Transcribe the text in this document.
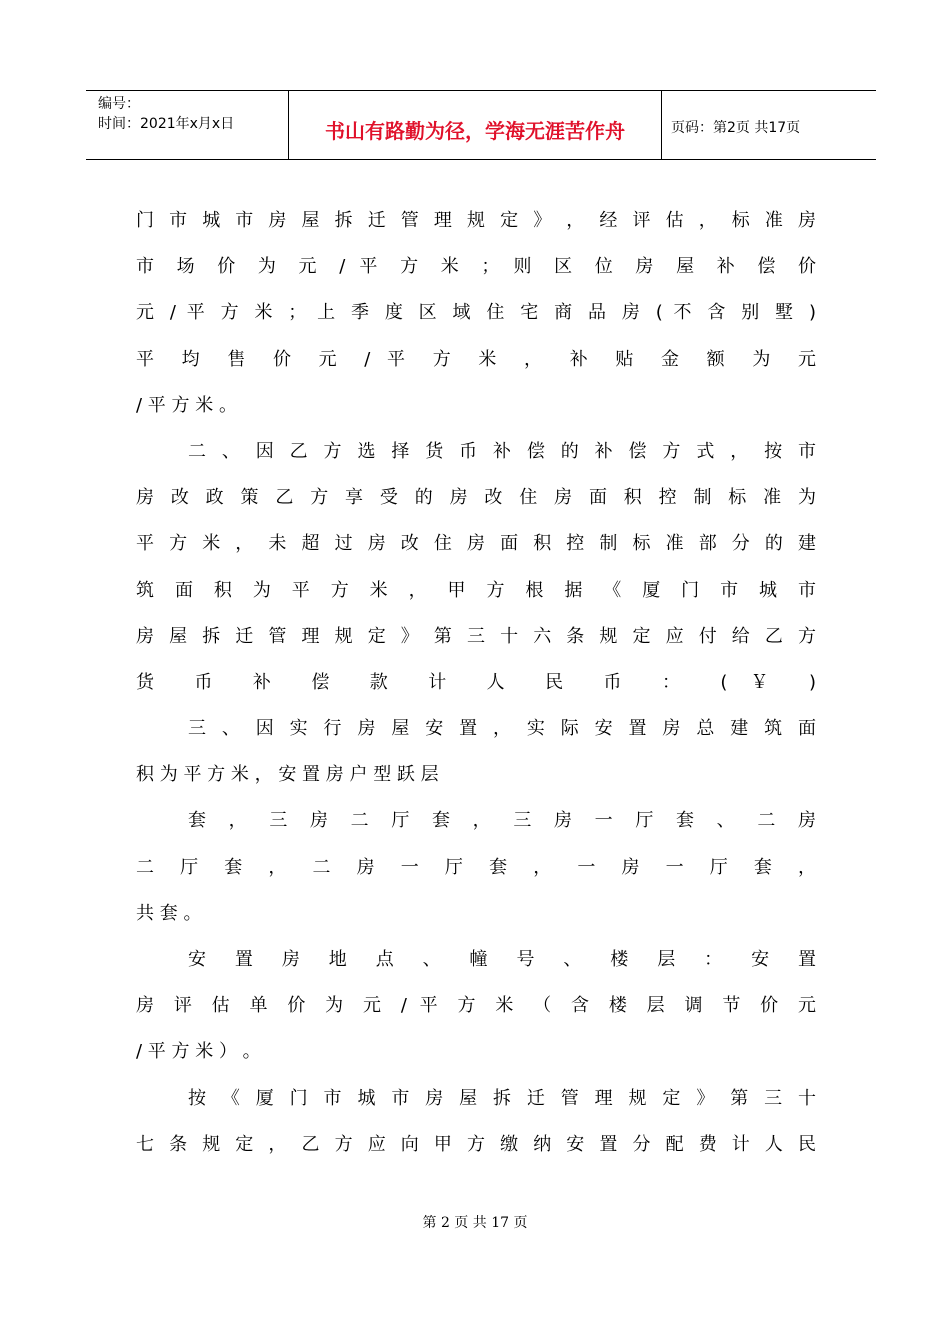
编号：
时间：2021年x月x日	书山有路勤为径，学海无涯苦作舟	页码：第2页 共17页
门 市 城 市 房 屋 拆 迁 管 理 规 定 》 ， 经 评 估 ， 标 准 房
市 场 价 为 元 / 平 方 米 ； 则 区 位 房 屋 补 偿 价
元 / 平 方 米 ； 上 季 度 区 域 住 宅 商 品 房 ( 不 含 别 墅 )
平 均 售 价 元 / 平 方 米 ， 补 贴 金 额 为 元
/ 平 方 米 。
二 、 因 乙 方 选 择 货 币 补 偿 的 补 偿 方 式 ， 按 市
房 改 政 策 乙 方 享 受 的 房 改 住 房 面 积 控 制 标 准 为
平 方 米 ， 未 超 过 房 改 住 房 面 积 控 制 标 准 部 分 的 建
筑 面 积 为 平 方 米 ， 甲 方 根 据 《 厦 门 市 城 市
房 屋 拆 迁 管 理 规 定 》 第 三 十 六 条 规 定 应 付 给 乙 方
货 币 补 偿 款 计 人 民 币 ： ( ￥ )
三 、 因 实 行 房 屋 安 置 ， 实 际 安 置 房 总 建 筑 面
积 为 平 方 米 ， 安 置 房 户 型 跃 层
套 ， 三 房 二 厅 套 ， 三 房 一 厅 套 、 二 房
二 厅 套 ， 二 房 一 厅 套 ， 一 房 一 厅 套 ，
共 套 。
安 置 房 地 点 、 幢 号 、 楼 层 ： 安 置
房 评 估 单 价 为 元 / 平 方 米 （ 含 楼 层 调 节 价 元
/ 平 方 米 ） 。
按 《 厦 门 市 城 市 房 屋 拆 迁 管 理 规 定 》 第 三 十
七 条 规 定 ， 乙 方 应 向 甲 方 缴 纳 安 置 分 配 费 计 人 民
第 2 页 共 17 页
